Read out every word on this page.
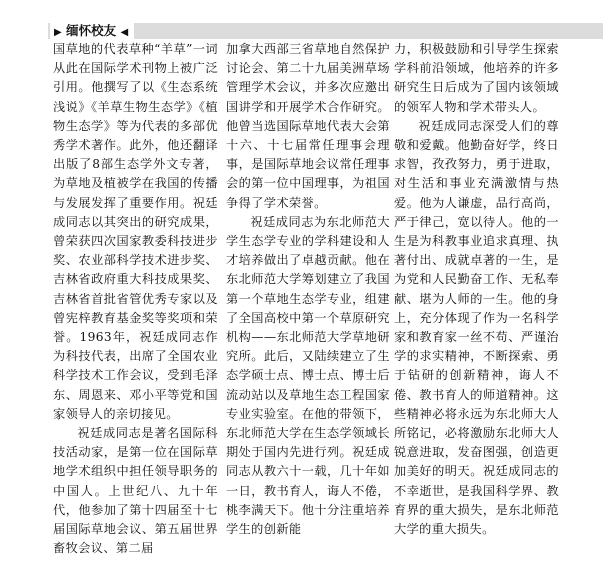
▶ 缅怀校友 ◀

国草地的代表草种“羊草”一词从此在国际学术刊物上被广泛引用。他撰写了以《生态系统浅说》《羊草生物生态学》《植物生态学》等为代表的多部优秀学术著作。此外，他还翻译出版了8部生态学外文专著，为草地及植被学在我国的传播与发展发挥了重要作用。祝廷成同志以其突出的研究成果，曾荣获四次国家教委科技进步奖、农业部科学技术进步奖、吉林省政府重大科技成果奖、吉林省首批省管优秀专家以及曾宪梓教育基金奖等奖项和荣誉。1963年，祝廷成同志作为科技代表，出席了全国农业科学技术工作会议，受到毛泽东、周恩来、邓小平等党和国家领导人的亲切接见。

祝廷成同志是著名国际科技活动家，是第一位在国际草地学术组织中担任领导职务的中国人。上世纪八、九十年代，他参加了第十四届至十七届国际草地会议、第五届世界畜牧会议、第二届

加拿大西部三省草地自然保护讨论会、第二十九届美洲草场管理学术会议，并多次应邀出国讲学和开展学术合作研究。他曾当选国际草地代表大会第十六、十七届常任理事会理事，是国际草地会议常任理事会的第一位中国理事，为祖国争得了学术荣誉。

祝廷成同志为东北师范大学生态学专业的学科建设和人才培养做出了卓越贡献。他在东北师范大学筹划建立了我国第一个草地生态学专业，组建了全国高校中第一个草原研究机构——东北师范大学草地研究所。此后，又陆续建立了生态学硕士点、博士点、博士后流动站以及草地生态工程国家专业实验室。在他的带领下，东北师范大学在生态学领域长期处于国内先进行列。祝廷成同志从教六十一载，几十年如一日，教书育人，诲人不倦，桃李满天下。他十分注重培养学生的创新能

力，积极鼓励和引导学生探索学科前沿领域，他培养的许多研究生日后成为了国内该领域的领军人物和学术带头人。

祝廷成同志深受人们的尊敬和爱戴。他勤奋好学，终日求智，孜孜努力，勇于进取，对生活和事业充满激情与热爱。他为人谦虚，品行高尚，严于律己，宽以待人。他的一生是为科教事业追求真理、执著付出、成就卓著的一生，是为党和人民勤奋工作、无私奉献、堪为人师的一生。他的身上，充分体现了作为一名科学家和教育家一丝不苟、严谨治学的求实精神，不断探索、勇于钻研的创新精神，诲人不倦、教书育人的师道精神。这些精神必将永远为东北师大人所铭记，必将激励东北师大人锐意进取，发奋图强，创造更加美好的明天。祝廷成同志的不幸逝世，是我国科学界、教育界的重大损失，是东北师范大学的重大损失。
